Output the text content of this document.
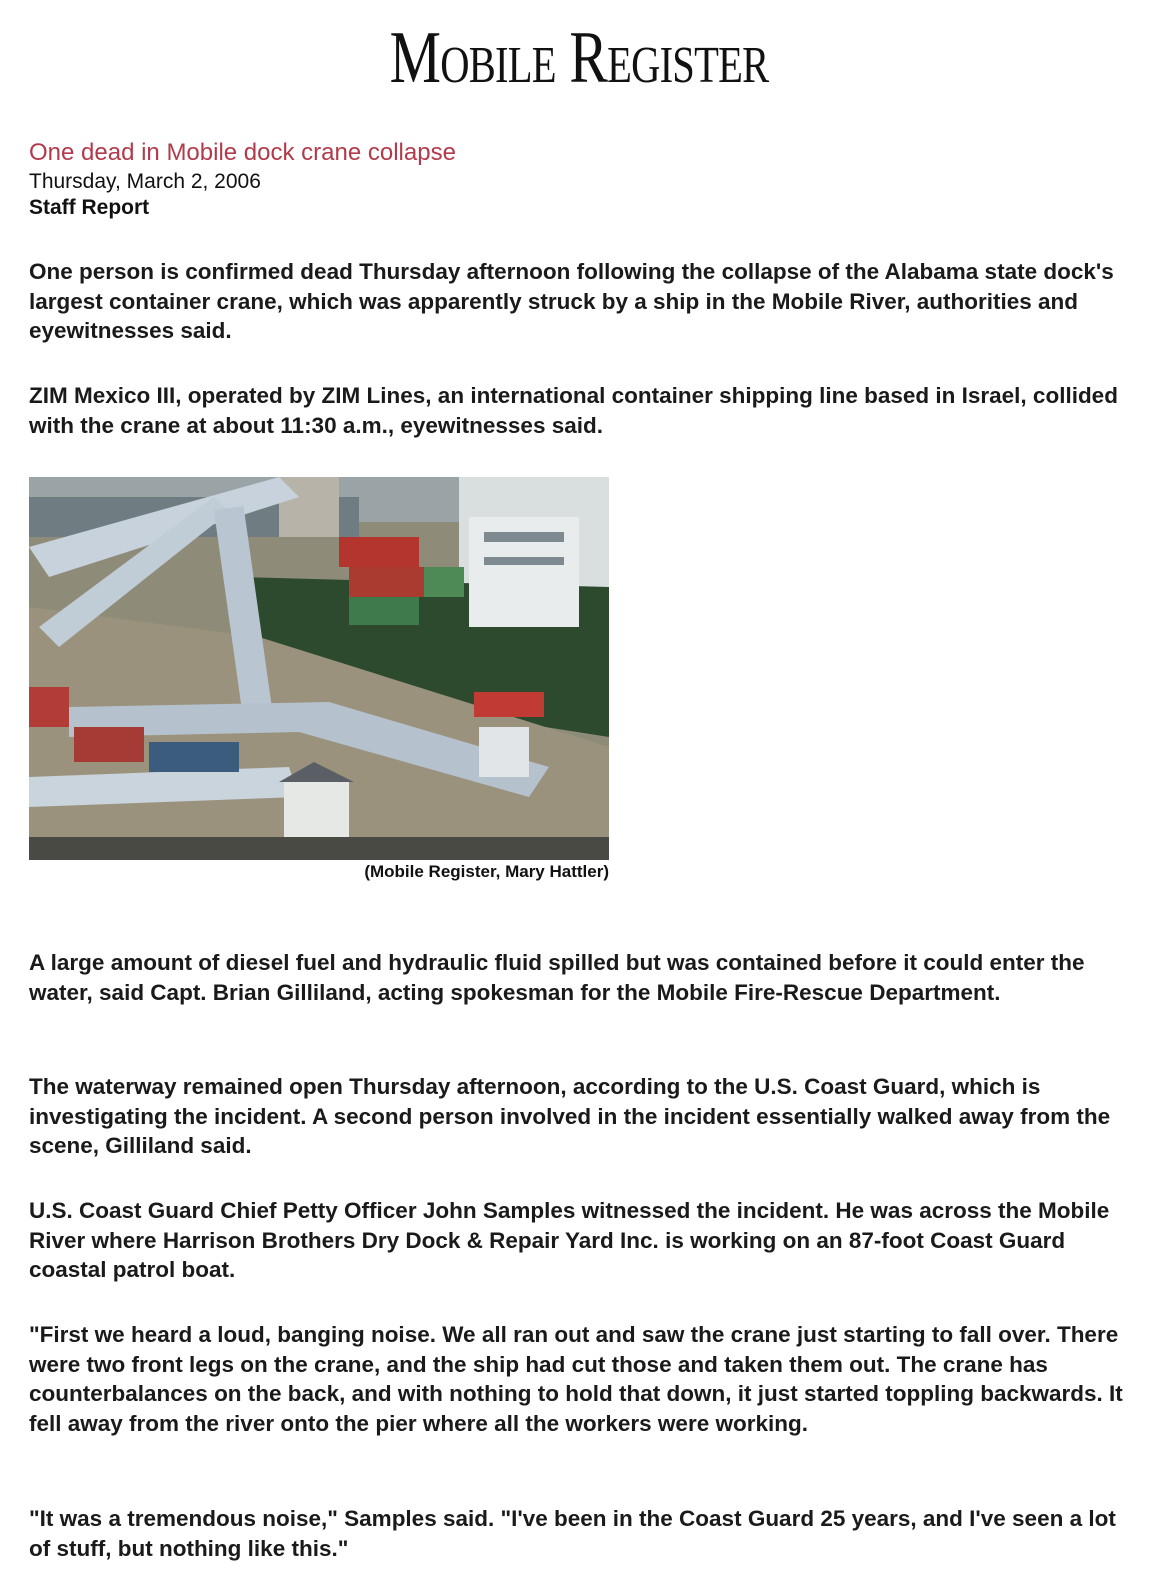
Mobile Register
One dead in Mobile dock crane collapse
Thursday, March 2, 2006
Staff Report

One person is confirmed dead Thursday afternoon following the collapse of the Alabama state dock's largest container crane, which was apparently struck by a ship in the Mobile River, authorities and eyewitnesses said.

ZIM Mexico III, operated by ZIM Lines, an international container shipping line based in Israel, collided with the crane at about 11:30 a.m., eyewitnesses said.

(Mobile Register, Mary Hattler)

A large amount of diesel fuel and hydraulic fluid spilled but was contained before it could enter the water, said Capt. Brian Gilliland, acting spokesman for the Mobile Fire-Rescue Department.

The waterway remained open Thursday afternoon, according to the U.S. Coast Guard, which is investigating the incident. A second person involved in the incident essentially walked away from the scene, Gilliland said.

U.S. Coast Guard Chief Petty Officer John Samples witnessed the incident. He was across the Mobile River where Harrison Brothers Dry Dock & Repair Yard Inc. is working on an 87-foot Coast Guard coastal patrol boat.

"First we heard a loud, banging noise. We all ran out and saw the crane just starting to fall over. There were two front legs on the crane, and the ship had cut those and taken them out. The crane has counterbalances on the back, and with nothing to hold that down, it just started toppling backwards. It fell away from the river onto the pier where all the workers were working.

"It was a tremendous noise," Samples said. "I've been in the Coast Guard 25 years, and I've seen a lot of stuff, but nothing like this."
